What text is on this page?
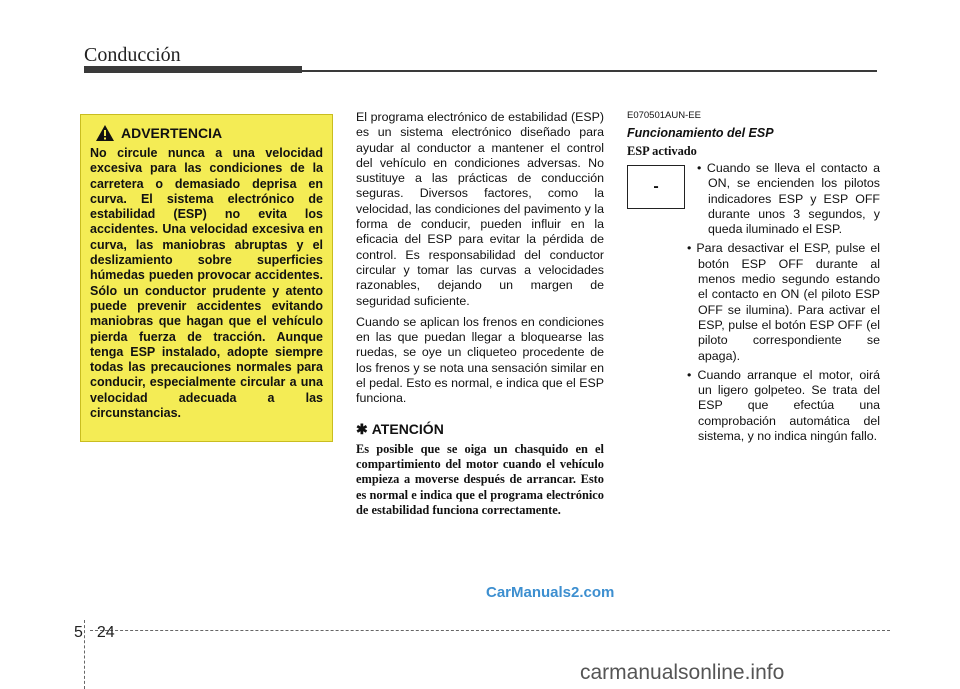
Conducción
ADVERTENCIA

No circule nunca a una velocidad excesiva para las condiciones de la carretera o demasiado deprisa en curva. El sistema electrónico de estabilidad (ESP) no evita los accidentes. Una velocidad excesiva en curva, las maniobras abruptas y el deslizamiento sobre superficies húmedas pueden provocar accidentes. Sólo un conductor prudente y atento puede prevenir accidentes evitando maniobras que hagan que el vehículo pierda fuerza de tracción. Aunque tenga ESP instalado, adopte siempre todas las precauciones normales para conducir, especialmente circular a una velocidad adecuada a las circunstancias.

El programa electrónico de estabilidad (ESP) es un sistema electrónico diseñado para ayudar al conductor a mantener el control del vehículo en condiciones adversas. No sustituye a las prácticas de conducción seguras. Diversos factores, como la velocidad, las condiciones del pavimento y la forma de conducir, pueden influir en la eficacia del ESP para evitar la pérdida de control. Es responsabilidad del conductor circular y tomar las curvas a velocidades razonables, dejando un margen de seguridad suficiente.

Cuando se aplican los frenos en condiciones en las que puedan llegar a bloquearse las ruedas, se oye un cliqueteo procedente de los frenos y se nota una sensación similar en el pedal. Esto es normal, e indica que el ESP funciona.

✱ ATENCIÓN

Es posible que se oiga un chasquido en el compartimiento del motor cuando el vehículo empieza a moverse después de arrancar. Esto es normal e indica que el programa electrónico de estabilidad funciona correctamente.

E070501AUN-EE

Funcionamiento del ESP

ESP activado

-
• Cuando se lleva el contacto a ON, se encienden los pilotos indicadores ESP y ESP OFF durante unos 3 segundos, y queda iluminado el ESP.
• Para desactivar el ESP, pulse el botón ESP OFF durante al menos medio segundo estando el contacto en ON (el piloto ESP OFF se ilumina). Para activar el ESP, pulse el botón ESP OFF (el piloto correspondiente se apaga).
• Cuando arranque el motor, oirá un ligero golpeteo. Se trata del ESP que efectúa una comprobación automática del sistema, y no indica ningún fallo.
CarManuals2.com
5 24
carmanualsonline.info
